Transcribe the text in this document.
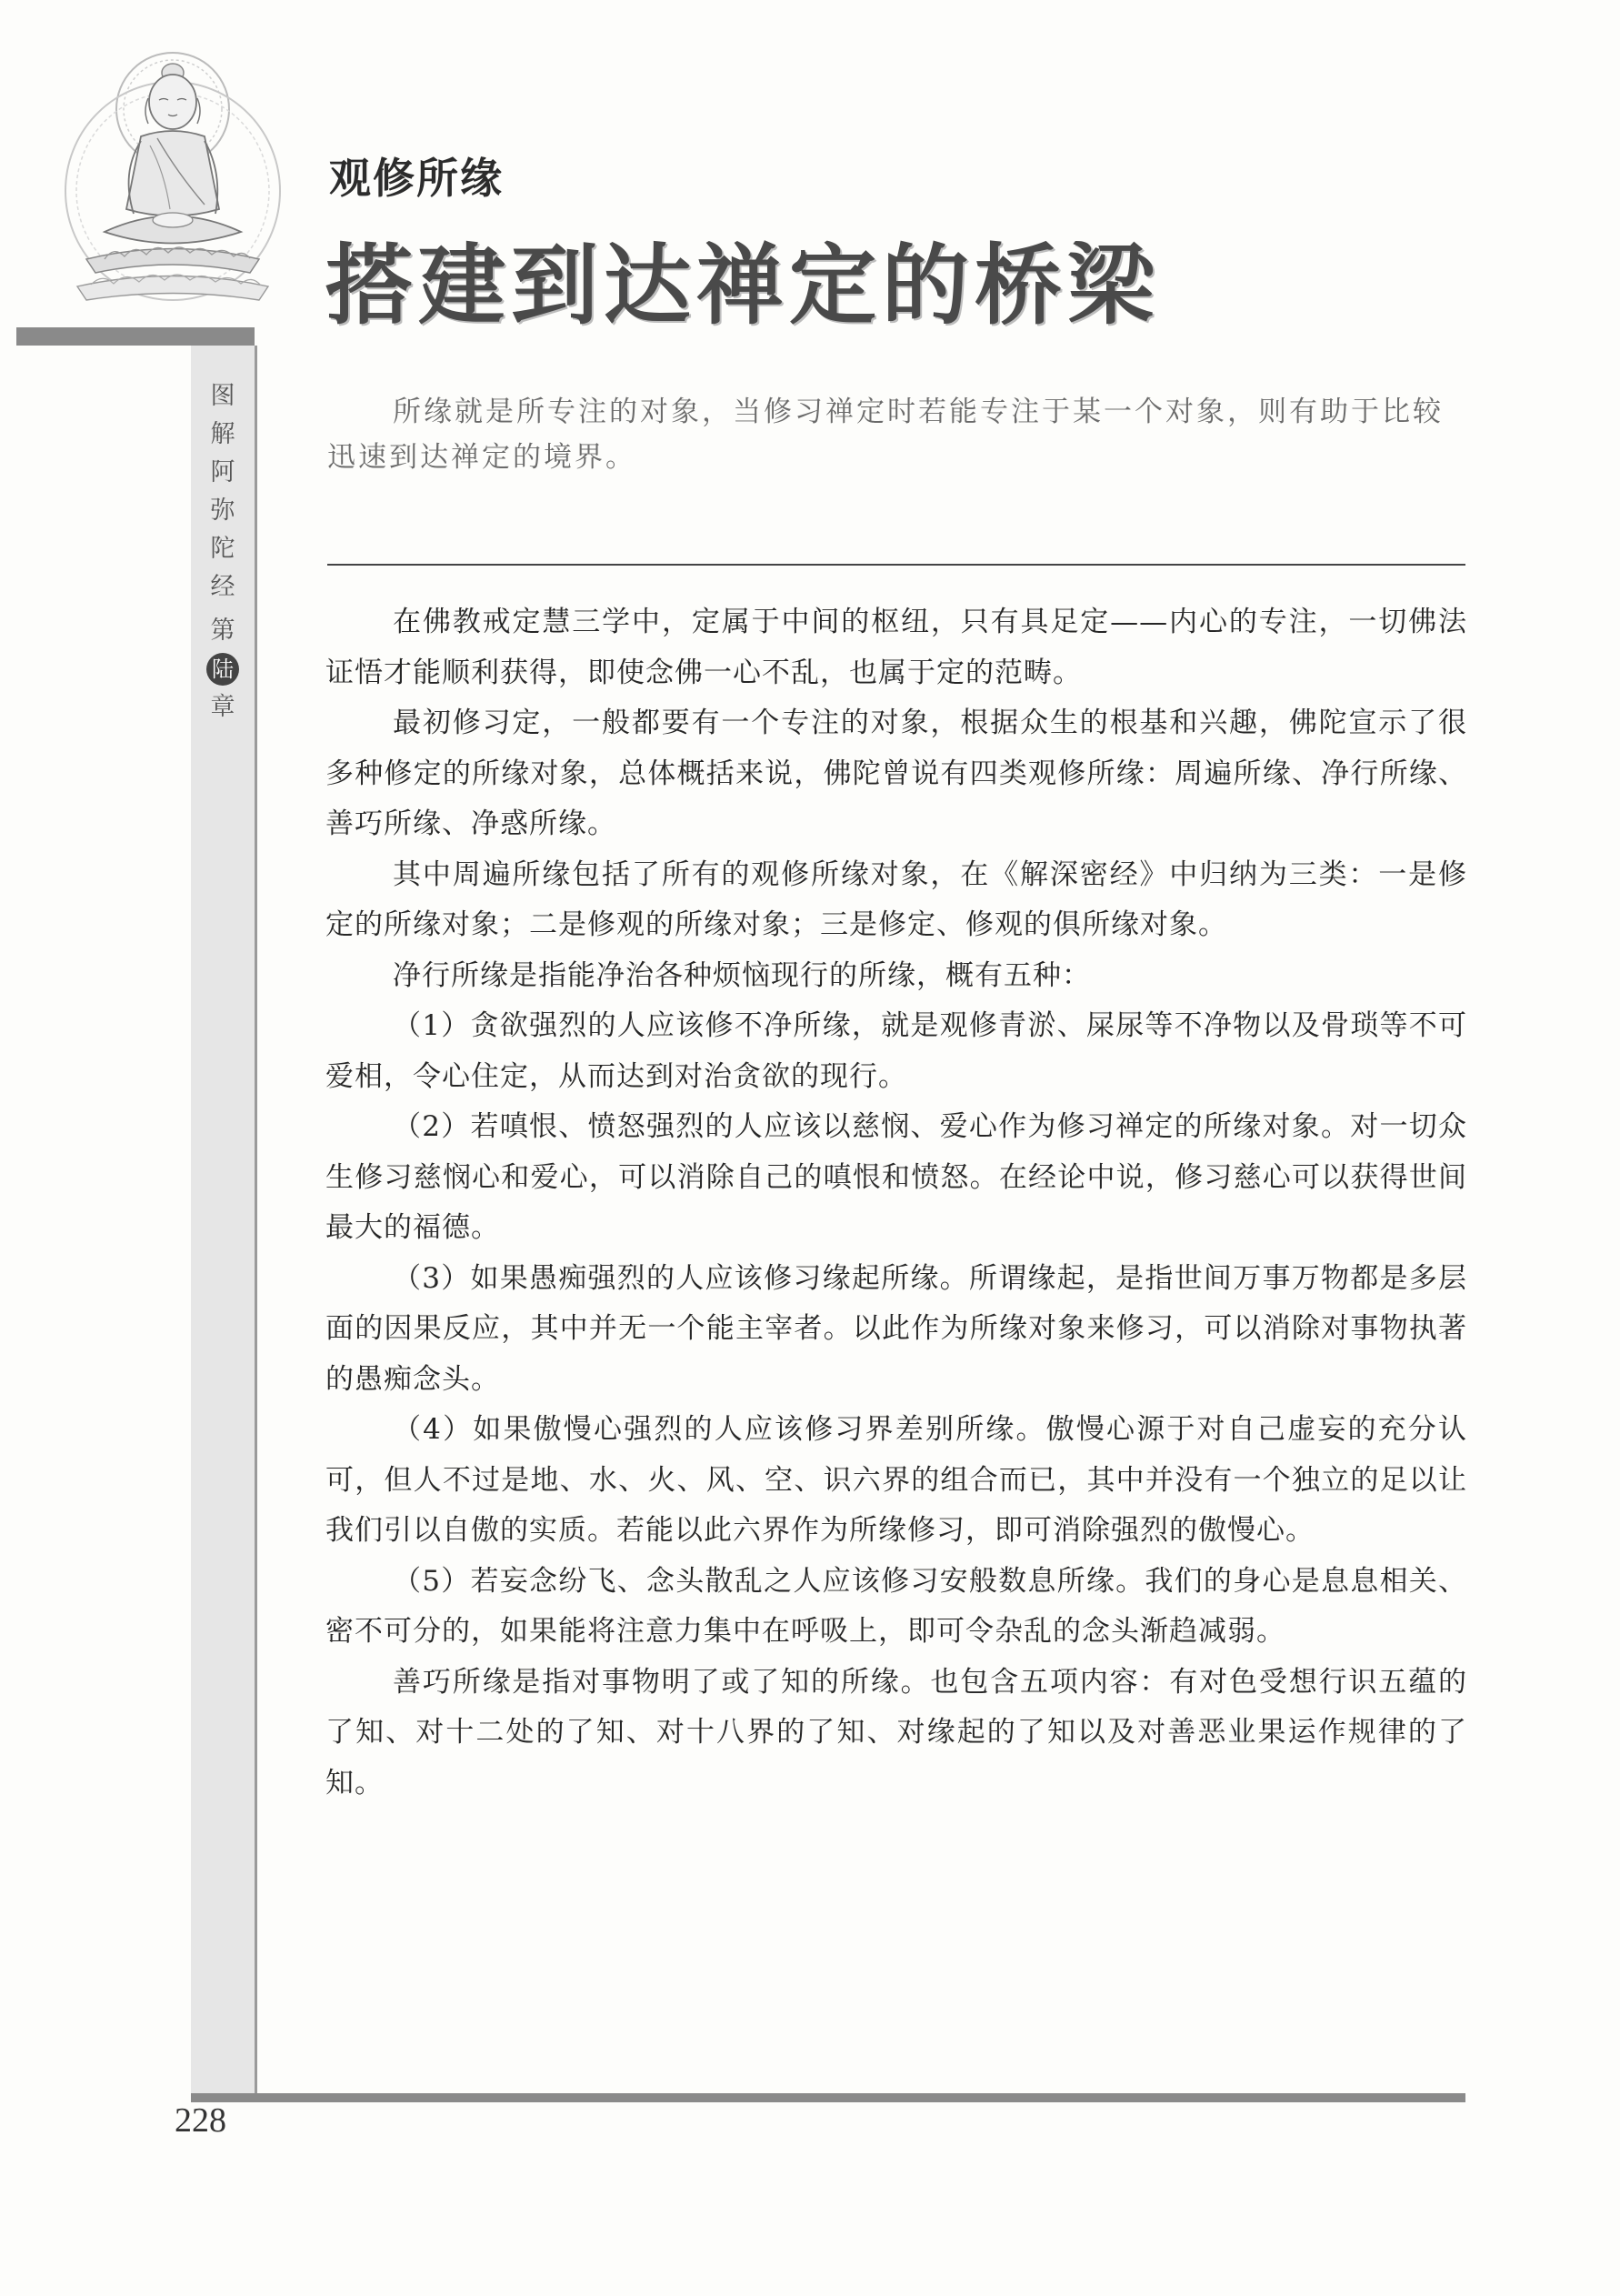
图
解
阿
弥
陀
经
第
陆
章
观修所缘
搭建到达禅定的桥梁

所缘就是所专注的对象，当修习禅定时若能专注于某一个对象，则有助于比较迅速到达禅定的境界。

在佛教戒定慧三学中，定属于中间的枢纽，只有具足定——内心的专注，一切佛法证悟才能顺利获得，即使念佛一心不乱，也属于定的范畴。

最初修习定，一般都要有一个专注的对象，根据众生的根基和兴趣，佛陀宣示了很多种修定的所缘对象，总体概括来说，佛陀曾说有四类观修所缘：周遍所缘、净行所缘、善巧所缘、净惑所缘。

其中周遍所缘包括了所有的观修所缘对象，在《解深密经》中归纳为三类：一是修定的所缘对象；二是修观的所缘对象；三是修定、修观的俱所缘对象。

净行所缘是指能净治各种烦恼现行的所缘，概有五种：

（1）贪欲强烈的人应该修不净所缘，就是观修青淤、屎尿等不净物以及骨琐等不可爱相，令心住定，从而达到对治贪欲的现行。

（2）若嗔恨、愤怒强烈的人应该以慈悯、爱心作为修习禅定的所缘对象。对一切众生修习慈悯心和爱心，可以消除自己的嗔恨和愤怒。在经论中说，修习慈心可以获得世间最大的福德。

（3）如果愚痴强烈的人应该修习缘起所缘。所谓缘起，是指世间万事万物都是多层面的因果反应，其中并无一个能主宰者。以此作为所缘对象来修习，可以消除对事物执著的愚痴念头。

（4）如果傲慢心强烈的人应该修习界差别所缘。傲慢心源于对自己虚妄的充分认可，但人不过是地、水、火、风、空、识六界的组合而已，其中并没有一个独立的足以让我们引以自傲的实质。若能以此六界作为所缘修习，即可消除强烈的傲慢心。

（5）若妄念纷飞、念头散乱之人应该修习安般数息所缘。我们的身心是息息相关、密不可分的，如果能将注意力集中在呼吸上，即可令杂乱的念头渐趋减弱。

善巧所缘是指对事物明了或了知的所缘。也包含五项内容：有对色受想行识五蕴的了知、对十二处的了知、对十八界的了知、对缘起的了知以及对善恶业果运作规律的了知。

228
